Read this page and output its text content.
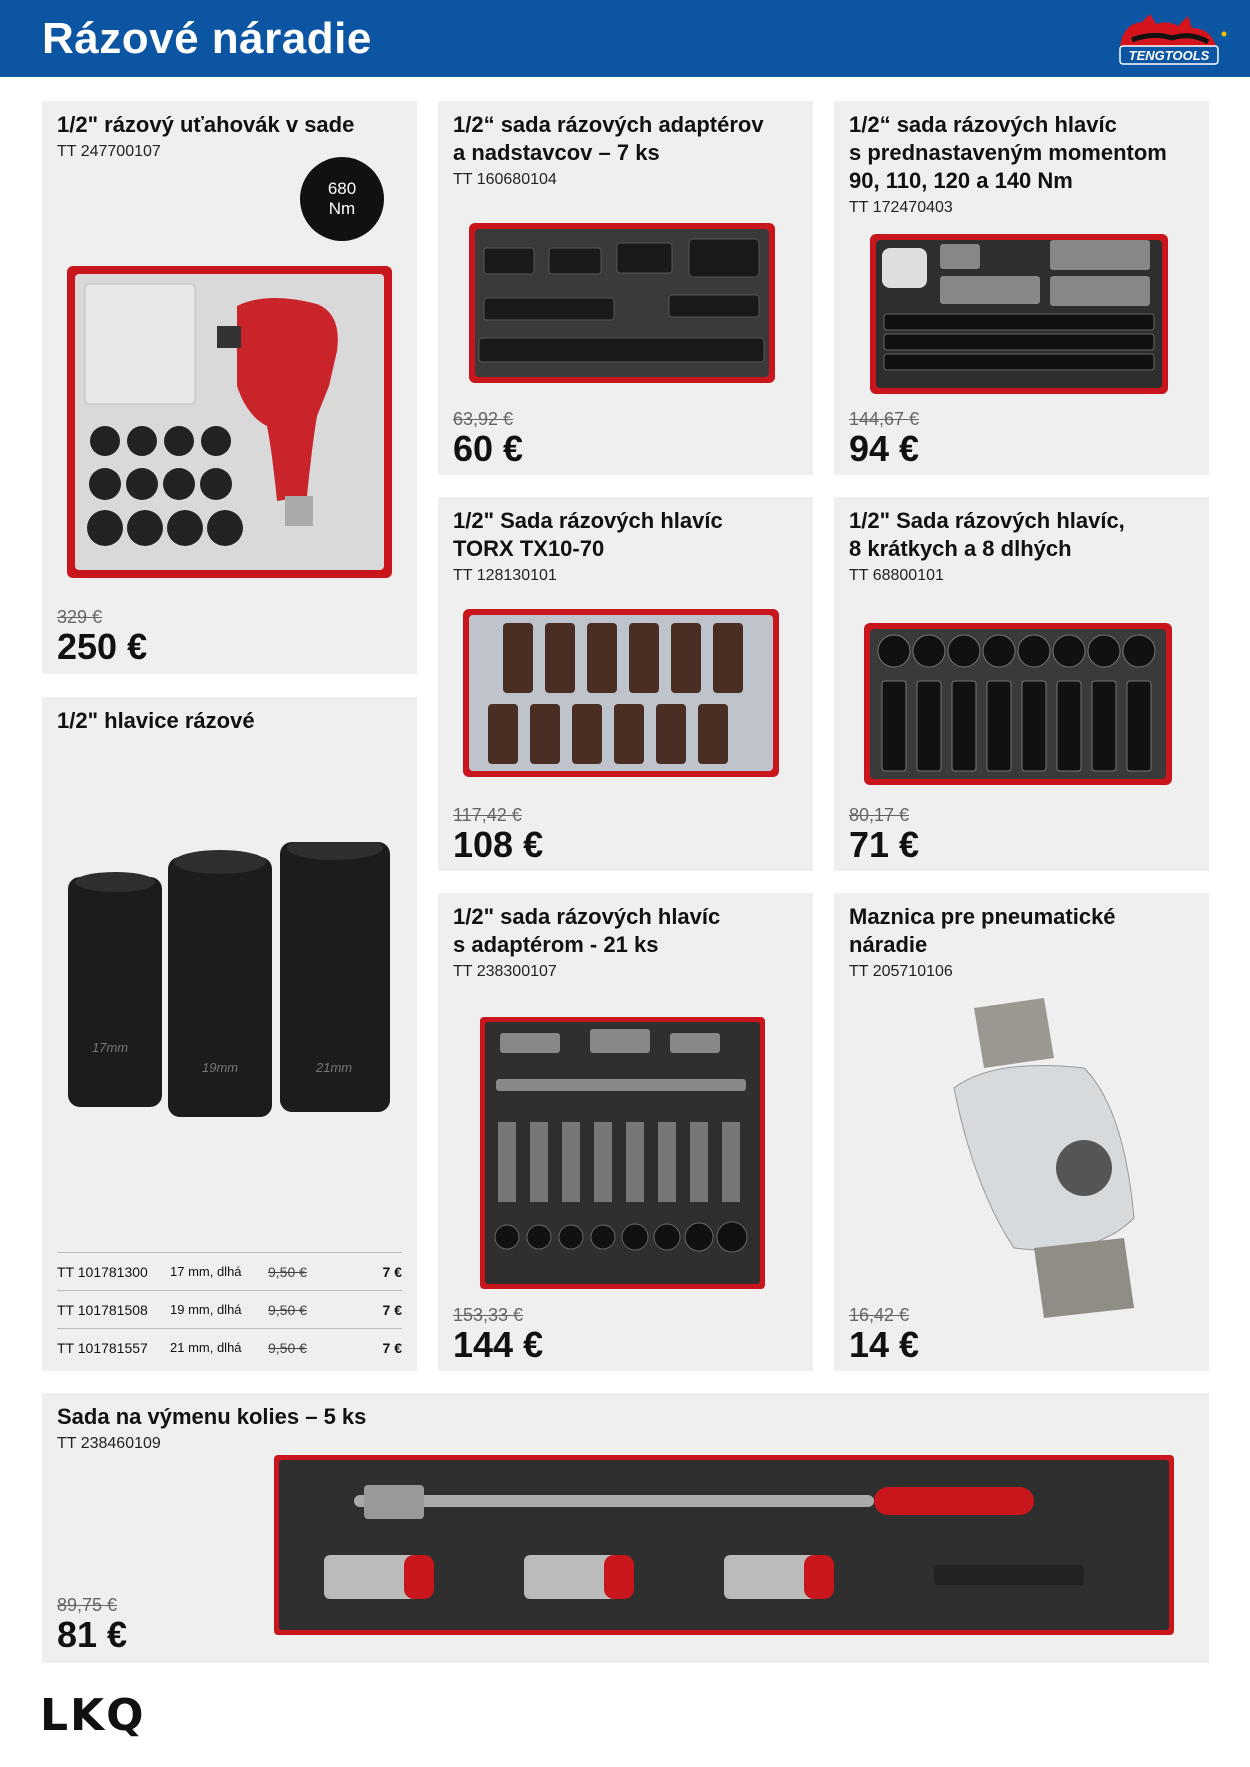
Rázové náradie	TENGTOOLS
1/2" rázový uťahovák v sade
TT 247700107
680
Nm
329 €
250 €
1/2“ sada rázových adaptérov
a nadstavcov – 7 ks
TT 160680104
63,92 €
60 €
1/2“ sada rázových hlavíc
s prednastaveným momentom
90, 110, 120 a 140 Nm
TT 172470403
144,67 €
94 €
1/2" Sada rázových hlavíc
TORX TX10-70
TT 128130101
117,42 €
108 €
1/2" Sada rázových hlavíc,
8 krátkych a 8 dlhých
TT 68800101
80,17 €
71 €
1/2" hlavice rázové
17mm
19mm	21mm
TT 101781300	17 mm, dlhá	9,50 €	7 €
TT 101781508	19 mm, dlhá	9,50 €	7 €
TT 101781557	21 mm, dlhá	9,50 €	7 €
1/2" sada rázových hlavíc
s adaptérom - 21 ks
TT 238300107
153,33 €
144 €
Maznica pre pneumatické
náradie
TT 205710106
16,42 €
14 €
Sada na výmenu kolies – 5 ks
TT 238460109
89,75 €
81 €
LKQ
